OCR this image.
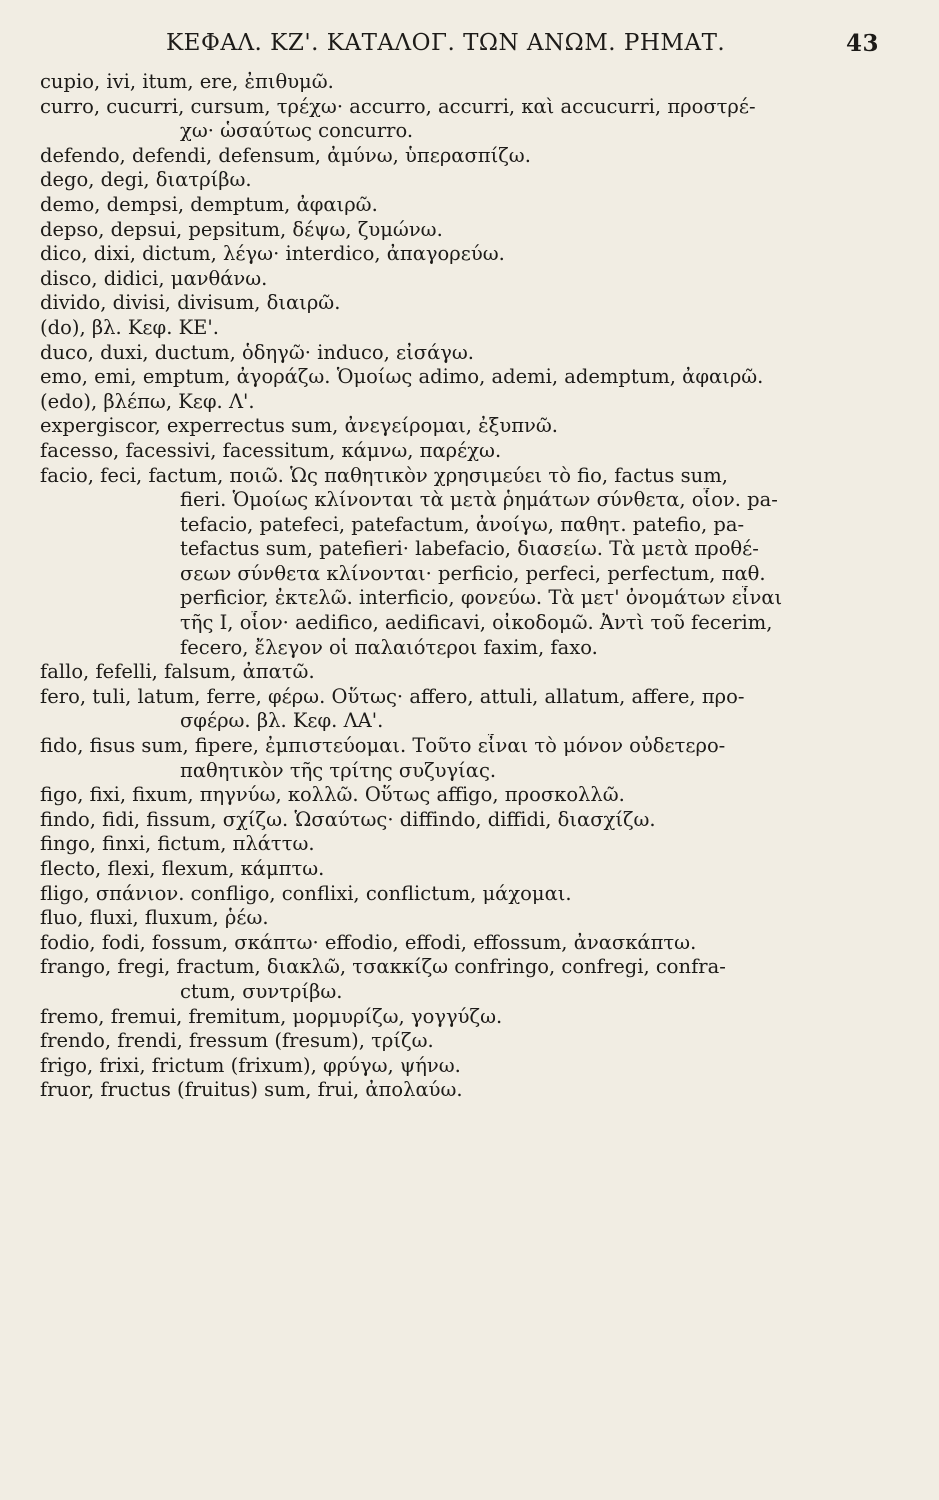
ΚΕΦΑΛ. ΚΖ'. ΚΑΤΑΛΟΓ. ΤΩΝ ΑΝΩΜ. ΡΗΜΑΤ.	43
cupio, ivi, itum, ere, ἐπιθυμῶ.
curro, cucurri, cursum, τρέχω· accurro, accurri, καὶ accucurri, προστρέ-
χω· ὡσαύτως concurro.
defendo, defendi, defensum, ἀμύνω, ὑπερασπίζω.
dego, degi, διατρίβω.
demo, dempsi, demptum, ἀφαιρῶ.
depso, depsui, pepsitum, δέψω, ζυμώνω.
dico, dixi, dictum, λέγω· interdico, ἀπαγορεύω.
disco, didici, μανθάνω.
divido, divisi, divisum, διαιρῶ.
(do), βλ. Κεφ. ΚΕ'.
duco, duxi, ductum, ὁδηγῶ· induco, εἰσάγω.
emo, emi, emptum, ἀγοράζω. Ὁμοίως adimo, ademi, ademptum, ἀφαιρῶ.
(edo), βλέπω, Κεφ. Λ'.
expergiscor, experrectus sum, ἀνεγείρομαι, ἐξυπνῶ.
facesso, facessivi, facessitum, κάμνω, παρέχω.
facio, feci, factum, ποιῶ. Ὡς παθητικὸν χρησιμεύει τὸ fio, factus sum,
fieri. Ὁμοίως κλίνονται τὰ μετὰ ῥημάτων σύνθετα, οἷον. pa-
tefacio, patefeci, patefactum, ἀνοίγω, παθητ. patefio, pa-
tefactus sum, patefieri· labefacio, διασείω. Τὰ μετὰ προθέ-
σεων σύνθετα κλίνονται· perficio, perfeci, perfectum, παθ.
perficior, ἐκτελῶ. interficio, φονεύω. Τὰ μετ' ὀνομάτων εἶναι
τῆς I, οἷον· aedifico, aedificavi, οἰκοδομῶ. Ἀντὶ τοῦ fecerim,
fecero, ἔλεγον οἱ παλαιότεροι faxim, faxo.
fallo, fefelli, falsum, ἀπατῶ.
fero, tuli, latum, ferre, φέρω. Οὕτως· affero, attuli, allatum, affere, προ-
σφέρω. βλ. Κεφ. ΛΑ'.
fido, fisus sum, fipere, ἐμπιστεύομαι. Τοῦτο εἶναι τὸ μόνον οὐδετερο-
παθητικὸν τῆς τρίτης συζυγίας.
figo, fixi, fixum, πηγνύω, κολλῶ. Οὕτως affigo, προσκολλῶ.
findo, fidi, fissum, σχίζω. Ὡσαύτως· diffindo, diffidi, διασχίζω.
fingo, finxi, fictum, πλάττω.
flecto, flexi, flexum, κάμπτω.
fligo, σπάνιον. confligo, conflixi, conflictum, μάχομαι.
fluo, fluxi, fluxum, ῥέω.
fodio, fodi, fossum, σκάπτω· effodio, effodi, effossum, ἀνασκάπτω.
frango, fregi, fractum, διακλῶ, τσακκίζω confringo, confregi, confra-
ctum, συντρίβω.
fremo, fremui, fremitum, μορμυρίζω, γογγύζω.
frendo, frendi, fressum (fresum), τρίζω.
frigo, frixi, frictum (frixum), φρύγω, ψήνω.
fruor, fructus (fruitus) sum, frui, ἀπολαύω.
